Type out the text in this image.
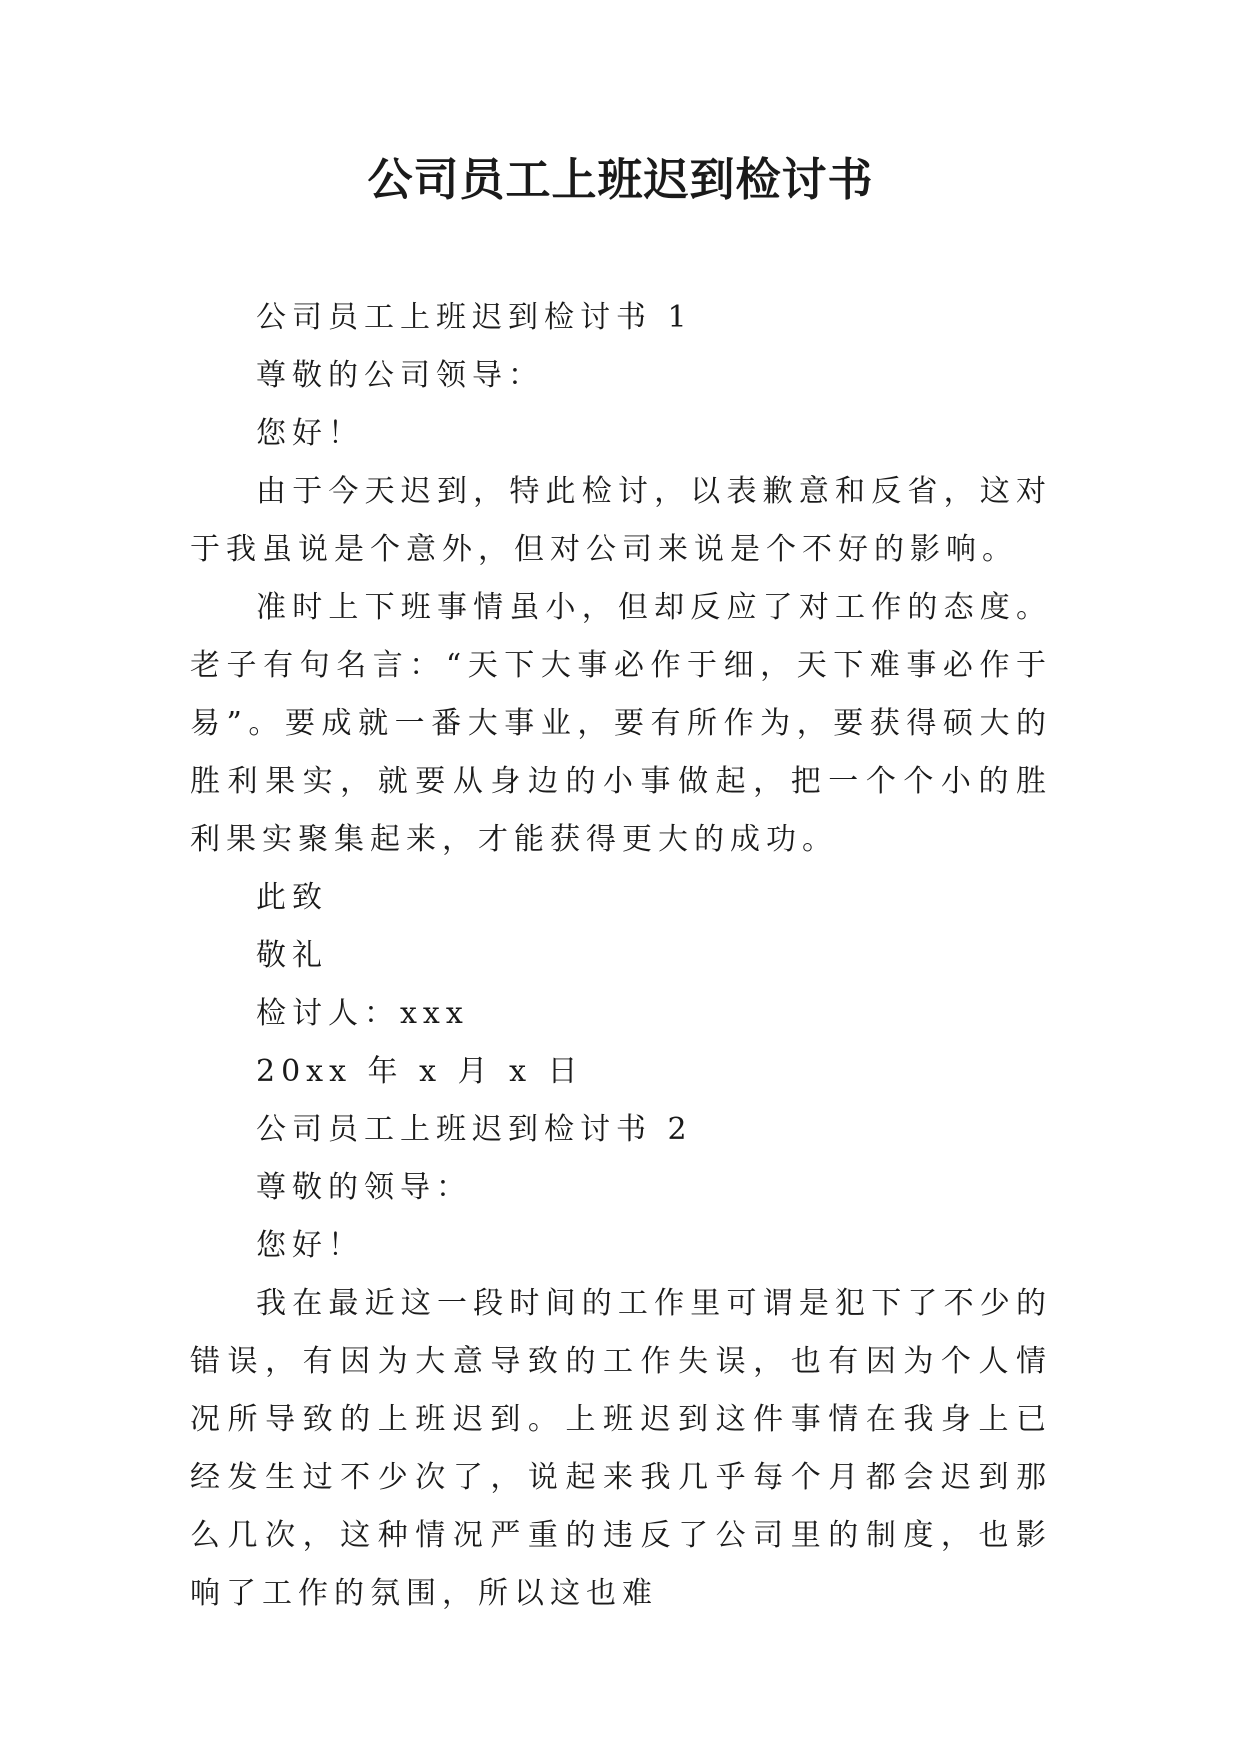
公司员工上班迟到检讨书

公司员工上班迟到检讨书 1

尊敬的公司领导：

您好！

由于今天迟到，特此检讨，以表歉意和反省，这对于我虽说是个意外，但对公司来说是个不好的影响。

准时上下班事情虽小，但却反应了对工作的态度。老子有句名言：“天下大事必作于细，天下难事必作于易”。要成就一番大事业，要有所作为，要获得硕大的胜利果实，就要从身边的小事做起，把一个个小的胜利果实聚集起来，才能获得更大的成功。

此致

敬礼

检讨人：xxx

20xx 年 x 月 x 日

公司员工上班迟到检讨书 2

尊敬的领导：

您好！

我在最近这一段时间的工作里可谓是犯下了不少的错误，有因为大意导致的工作失误，也有因为个人情况所导致的上班迟到。上班迟到这件事情在我身上已经发生过不少次了，说起来我几乎每个月都会迟到那么几次，这种情况严重的违反了公司里的制度，也影响了工作的氛围，所以这也难
